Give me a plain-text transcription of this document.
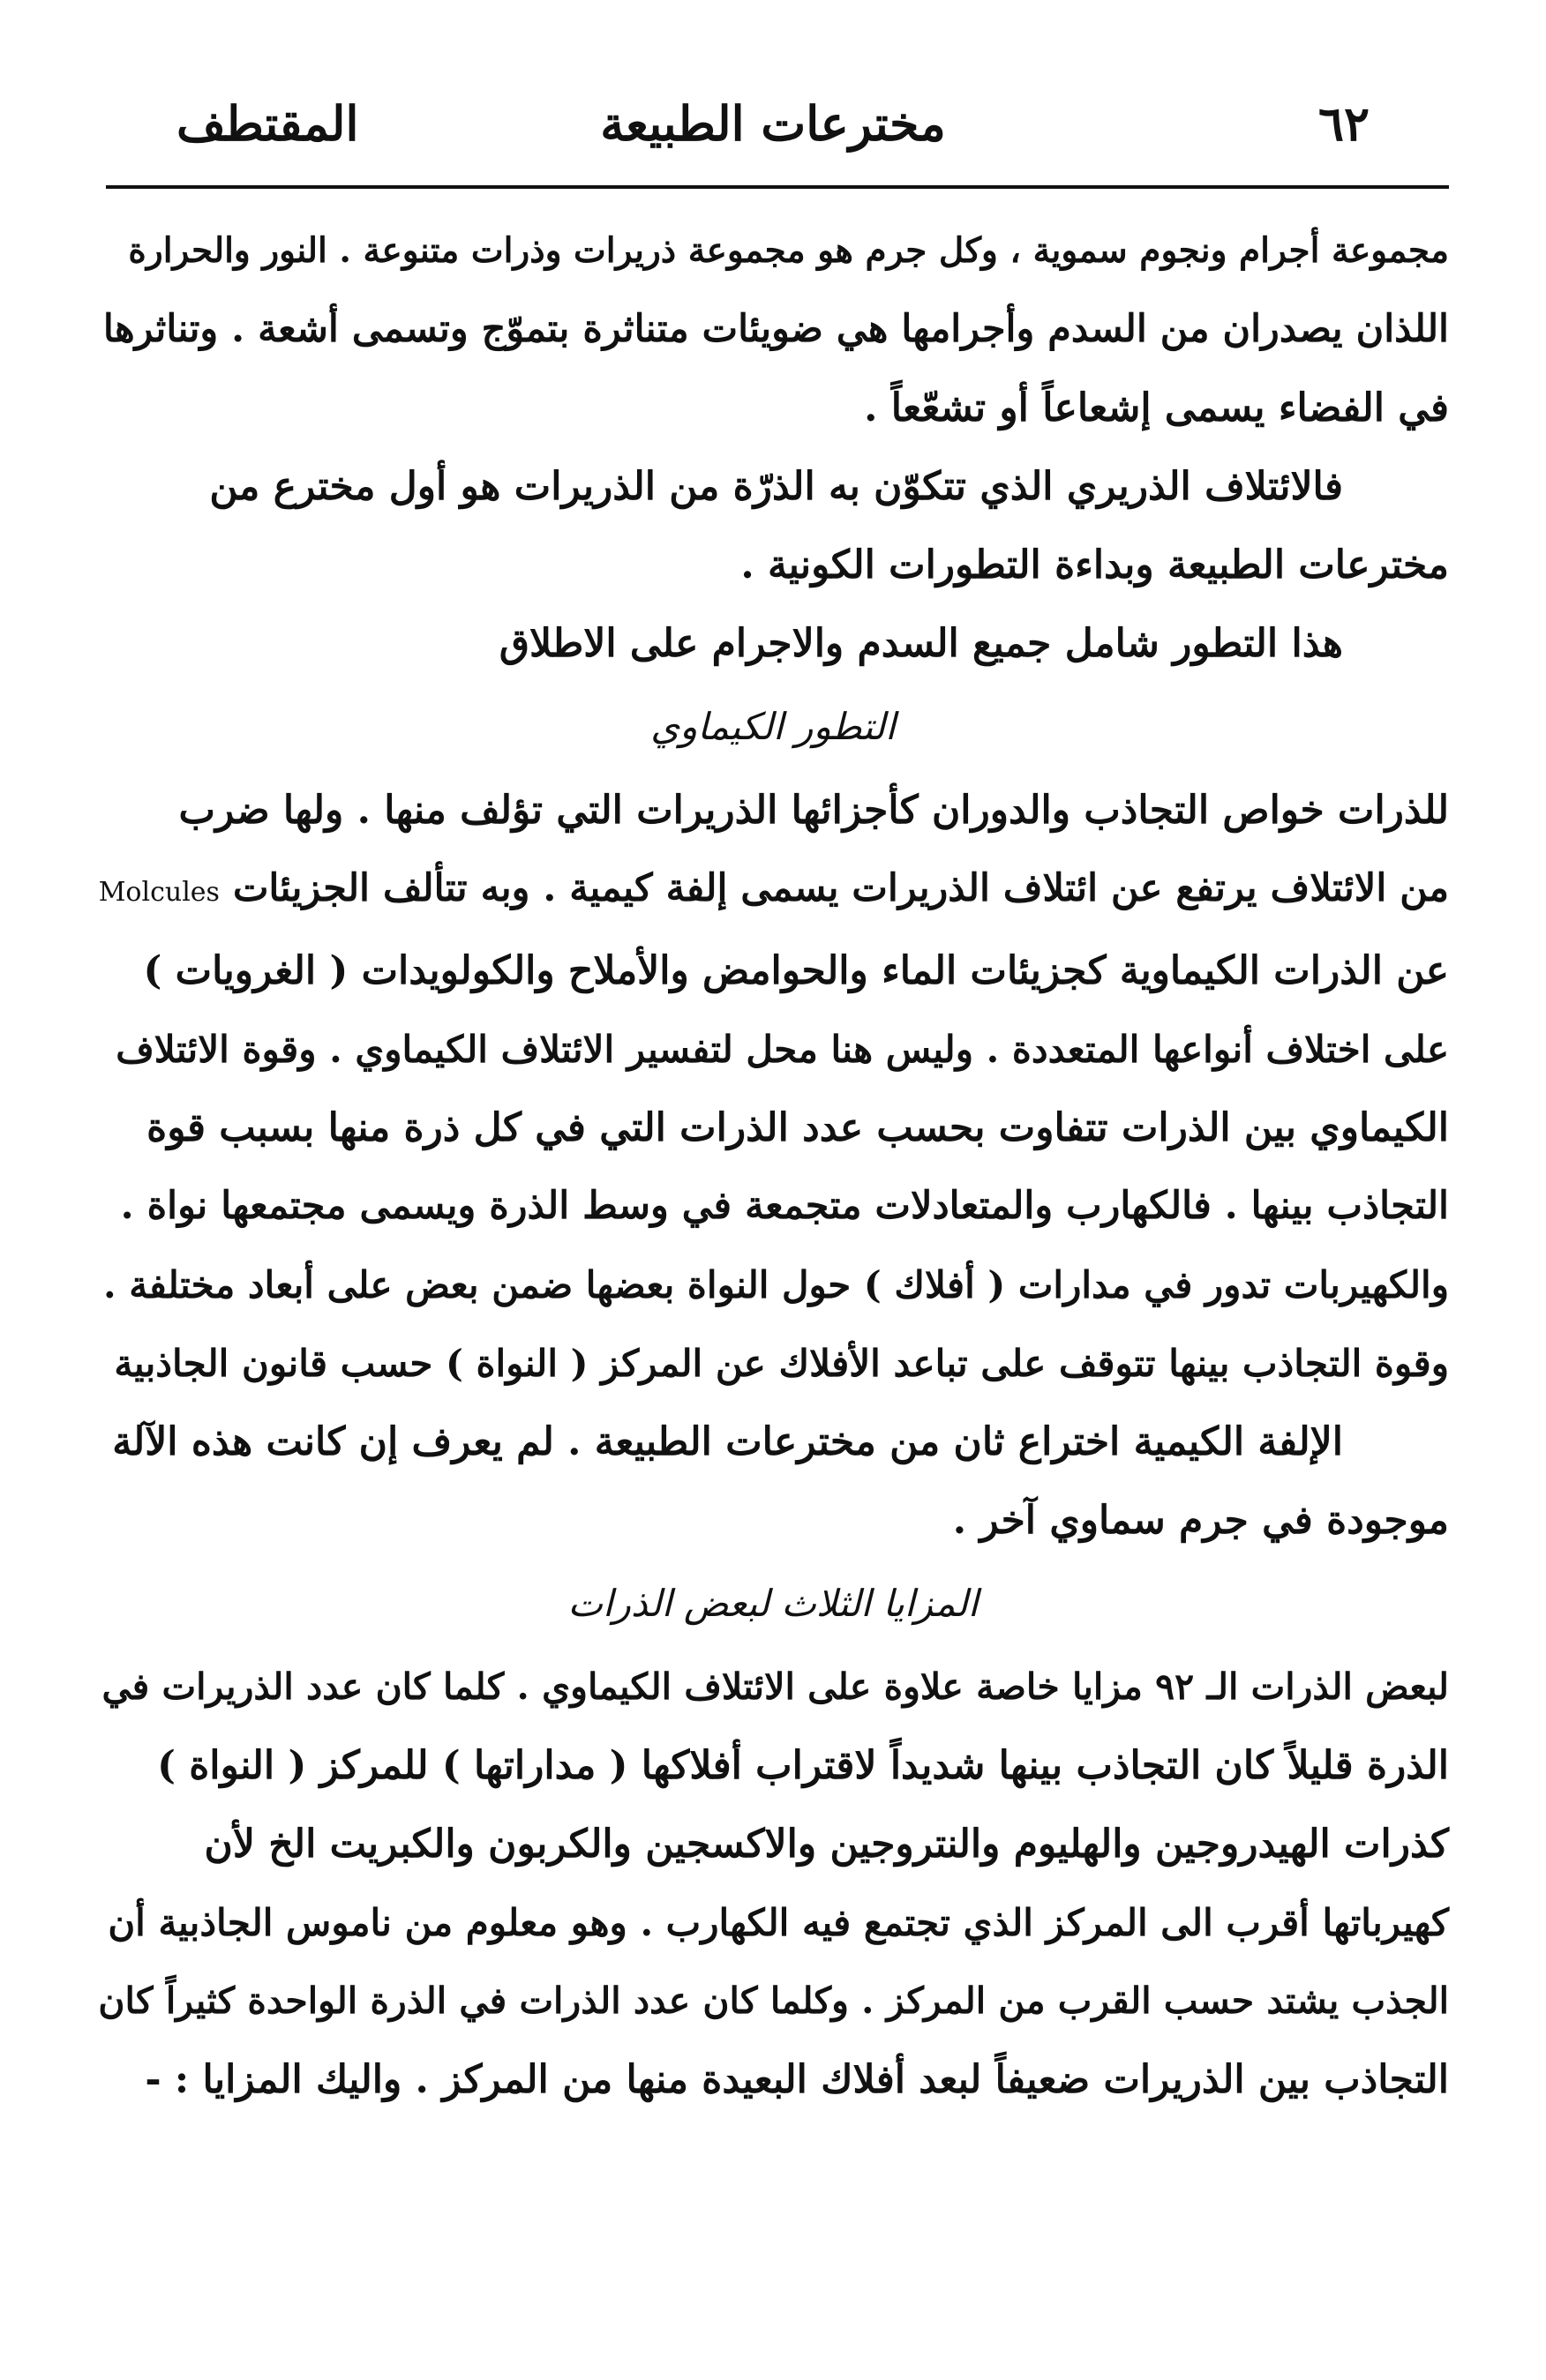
٦٢
مخترعات الطبيعة
المقتطف
مجموعة أجرام ونجوم سموية ، وكل جرم هو مجموعة ذريرات وذرات متنوعة . النور والحرارة
اللذان يصدران من السدم وأجرامها هي ضويئات متناثرة بتموّج وتسمى أشعة . وتناثرها
في الفضاء يسمى إشعاعاً أو تشعّعاً .
فالائتلاف الذريري الذي تتكوّن به الذرّة من الذريرات هو أول مخترع من
مخترعات الطبيعة وبداءة التطورات الكونية .
هذا التطور شامل جميع السدم والاجرام على الاطلاق
التطور الكيماوي
للذرات خواص التجاذب والدوران كأجزائها الذريرات التي تؤلف منها . ولها ضرب
من الائتلاف يرتفع عن ائتلاف الذريرات يسمى إلفة كيمية . وبه تتألف الجزيئات Molcules
عن الذرات الكيماوية كجزيئات الماء والحوامض والأملاح والكولويدات ( الغرويات )
على اختلاف أنواعها المتعددة . وليس هنا محل لتفسير الائتلاف الكيماوي . وقوة الائتلاف
الكيماوي بين الذرات تتفاوت بحسب عدد الذرات التي في كل ذرة منها بسبب قوة
التجاذب بينها . فالكهارب والمتعادلات متجمعة في وسط الذرة ويسمى مجتمعها نواة .
والكهيربات تدور في مدارات ( أفلاك ) حول النواة بعضها ضمن بعض على أبعاد مختلفة .
وقوة التجاذب بينها تتوقف على تباعد الأفلاك عن المركز ( النواة ) حسب قانون الجاذبية
الإلفة الكيمية اختراع ثان من مخترعات الطبيعة . لم يعرف إن كانت هذه الآلة
موجودة في جرم سماوي آخر .
المزايا الثلاث لبعض الذرات
لبعض الذرات الـ ٩٢ مزايا خاصة علاوة على الائتلاف الكيماوي . كلما كان عدد الذريرات في
الذرة قليلاً كان التجاذب بينها شديداً لاقتراب أفلاكها ( مداراتها ) للمركز ( النواة )
كذرات الهيدروجين والهليوم والنتروجين والاكسجين والكربون والكبريت الخ لأن
كهيرباتها أقرب الى المركز الذي تجتمع فيه الكهارب . وهو معلوم من ناموس الجاذبية أن
الجذب يشتد حسب القرب من المركز . وكلما كان عدد الذرات في الذرة الواحدة كثيراً كان
التجاذب بين الذريرات ضعيفاً لبعد أفلاك البعيدة منها من المركز . واليك المزايا : -
